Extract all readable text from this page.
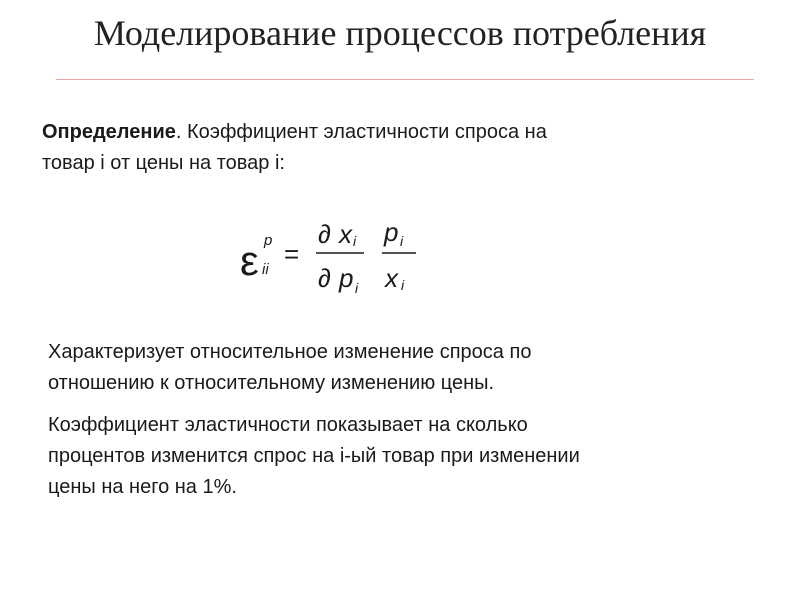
Моделирование процессов потребления
Определение. Коэффициент эластичности спроса на
товар i от цены на товар i:
ε p
ii
=
∂ x i
∂ p i
p i
x i
Характеризует относительное изменение спроса по
отношению к относительному изменению цены.
Коэффициент эластичности показывает на сколько
процентов изменится спрос на i-ый товар при изменении
цены на него на 1%.
